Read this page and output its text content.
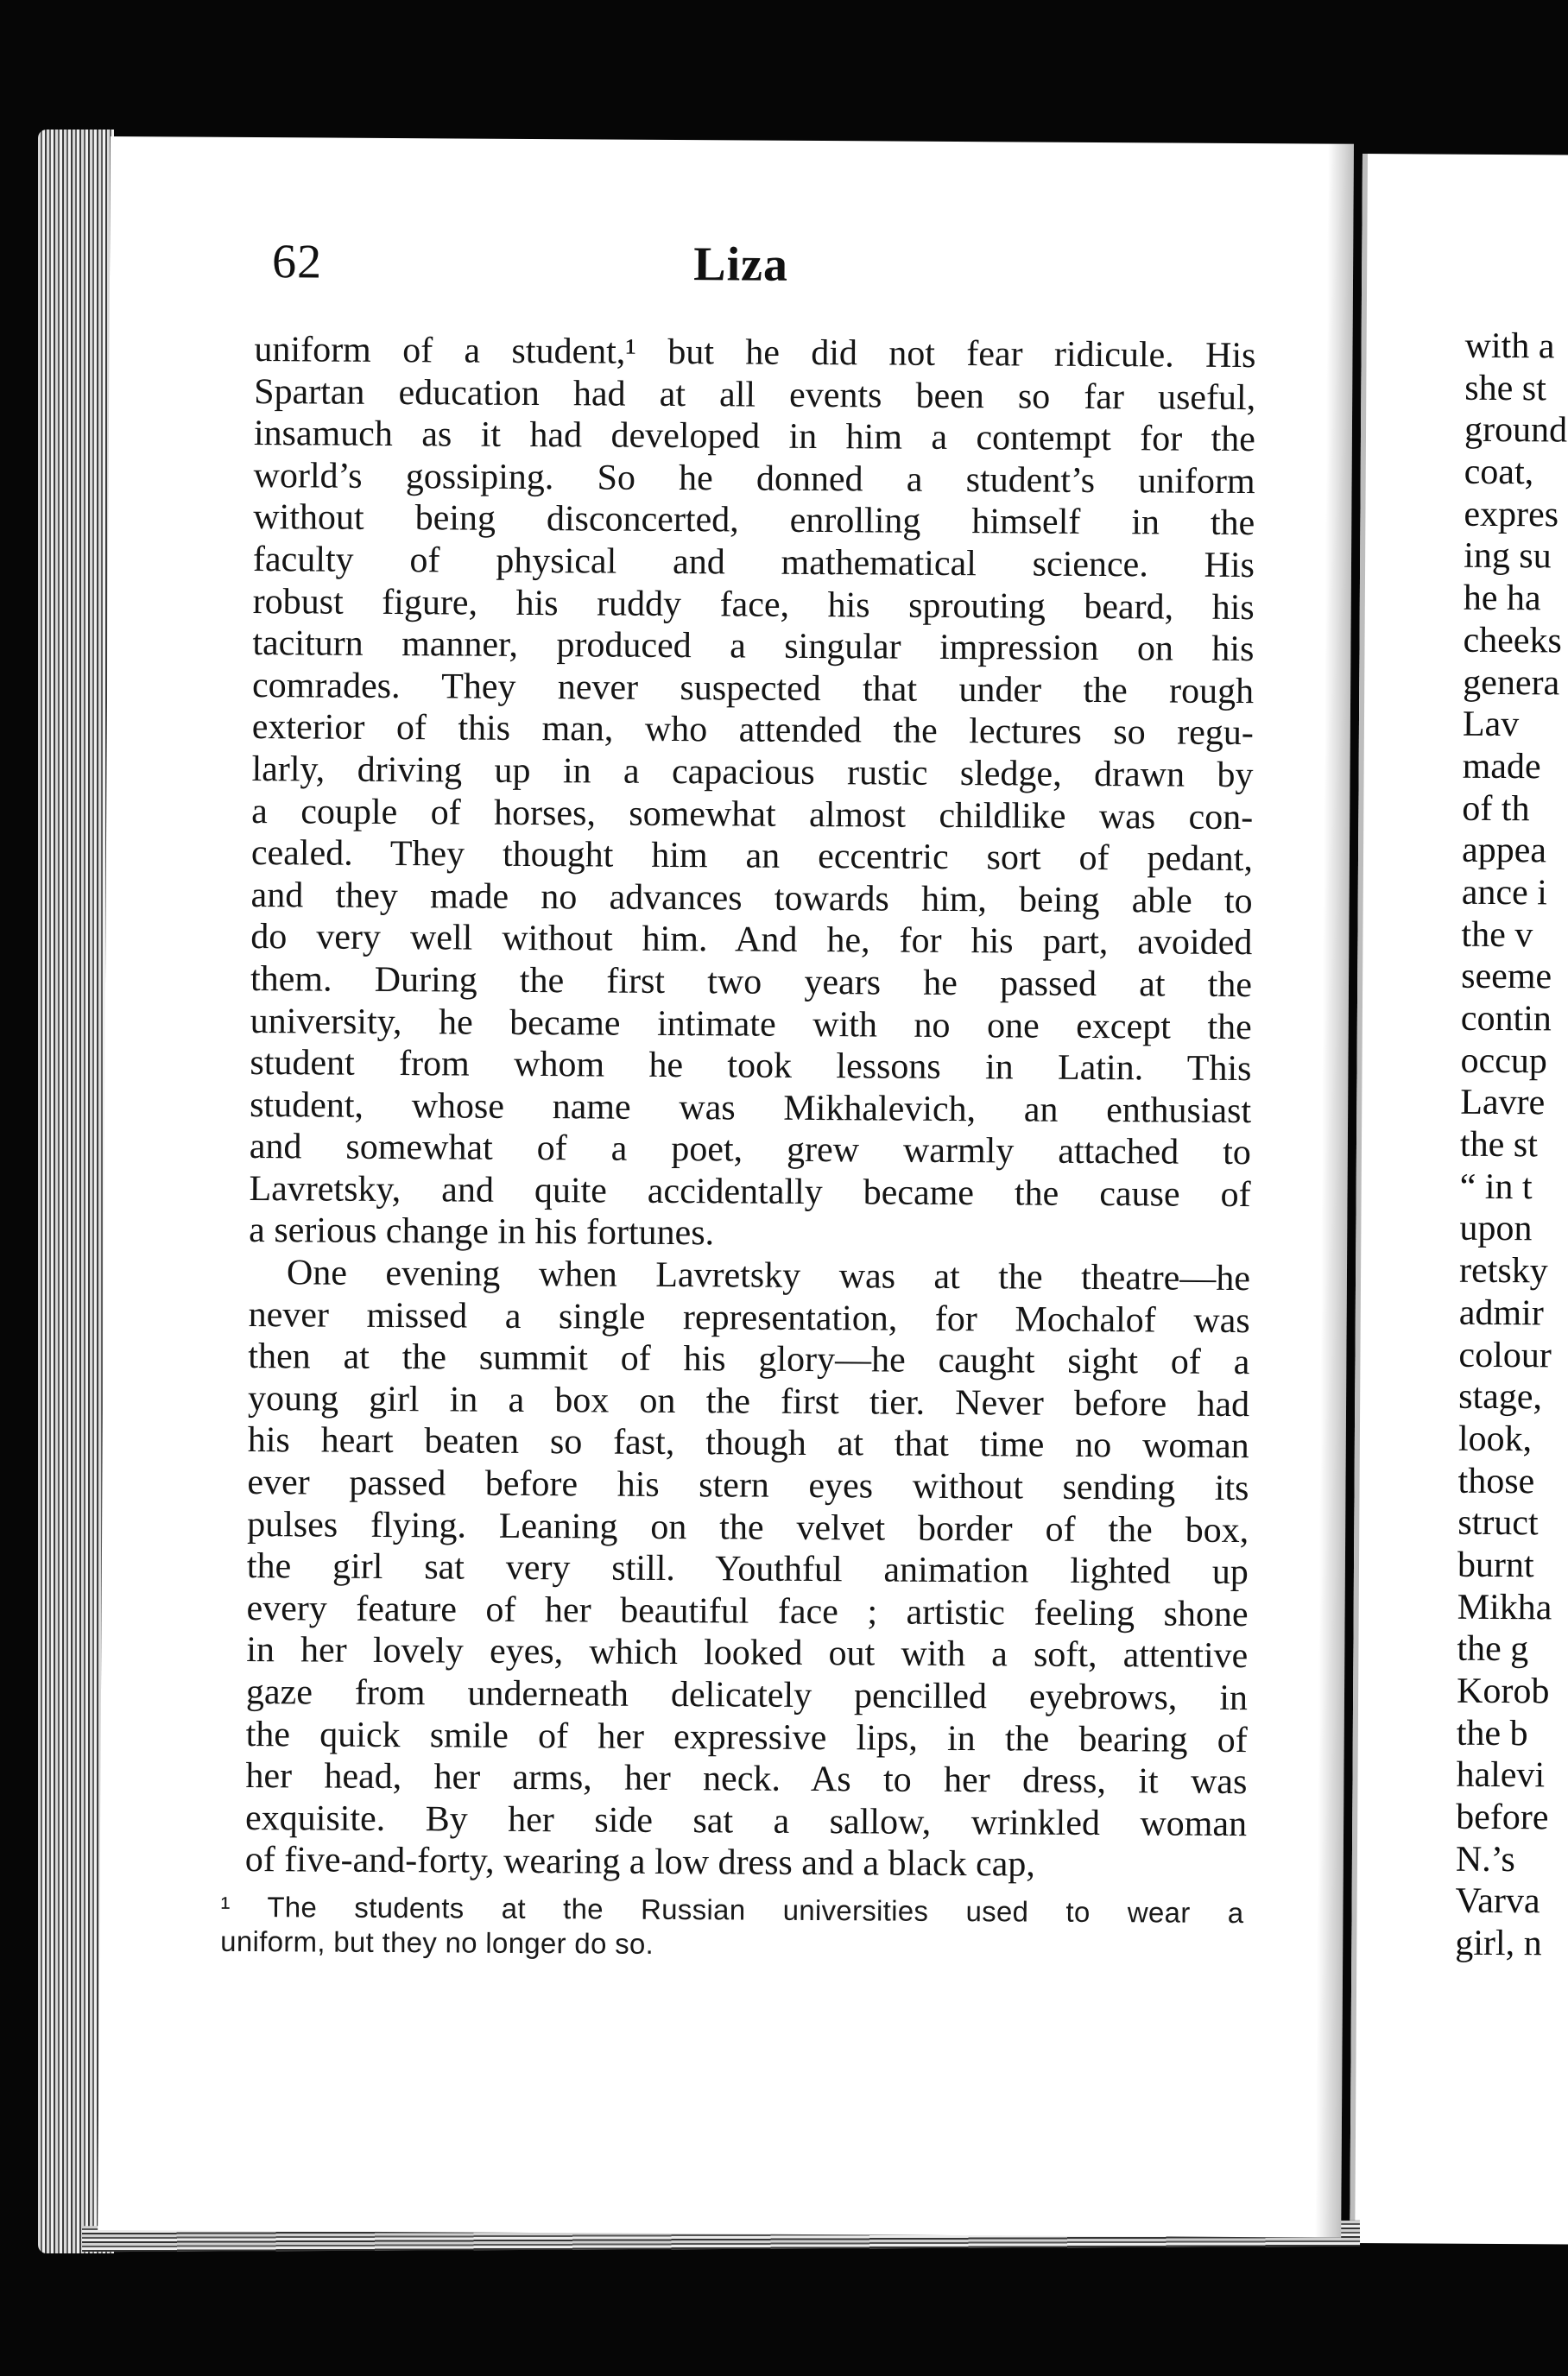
with a
she st
ground
coat,
expres
ing su
he ha
cheeks
genera
Lav
made
of th
appea
ance i
the v
seeme
contin
occup
Lavre
the st
“ in t
upon
retsky
admir
colour
stage,
look,
those
struct
burnt
Mikha
the g
Korob
the b
halevi
before
N.’s
Varva
girl, n
62	Liza
uniform of a student,¹ but he did not fear ridicule. His
Spartan education had at all events been so far useful,
insamuch as it had developed in him a contempt for the
world’s gossiping. So he donned a student’s uniform
without being disconcerted, enrolling himself in the
faculty of physical and mathematical science. His
robust figure, his ruddy face, his sprouting beard, his
taciturn manner, produced a singular impression on his
comrades. They never suspected that under the rough
exterior of this man, who attended the lectures so regu-
larly, driving up in a capacious rustic sledge, drawn by
a couple of horses, somewhat almost childlike was con-
cealed. They thought him an eccentric sort of pedant,
and they made no advances towards him, being able to
do very well without him. And he, for his part, avoided
them. During the first two years he passed at the
university, he became intimate with no one except the
student from whom he took lessons in Latin. This
student, whose name was Mikhalevich, an enthusiast
and somewhat of a poet, grew warmly attached to
Lavretsky, and quite accidentally became the cause of
a serious change in his fortunes.
One evening when Lavretsky was at the theatre—he
never missed a single representation, for Mochalof was
then at the summit of his glory—he caught sight of a
young girl in a box on the first tier. Never before had
his heart beaten so fast, though at that time no woman
ever passed before his stern eyes without sending its
pulses flying. Leaning on the velvet border of the box,
the girl sat very still. Youthful animation lighted up
every feature of her beautiful face ; artistic feeling shone
in her lovely eyes, which looked out with a soft, attentive
gaze from underneath delicately pencilled eyebrows, in
the quick smile of her expressive lips, in the bearing of
her head, her arms, her neck. As to her dress, it was
exquisite. By her side sat a sallow, wrinkled woman
of five-and-forty, wearing a low dress and a black cap,
¹ The students at the Russian universities used to wear a
uniform, but they no longer do so.
